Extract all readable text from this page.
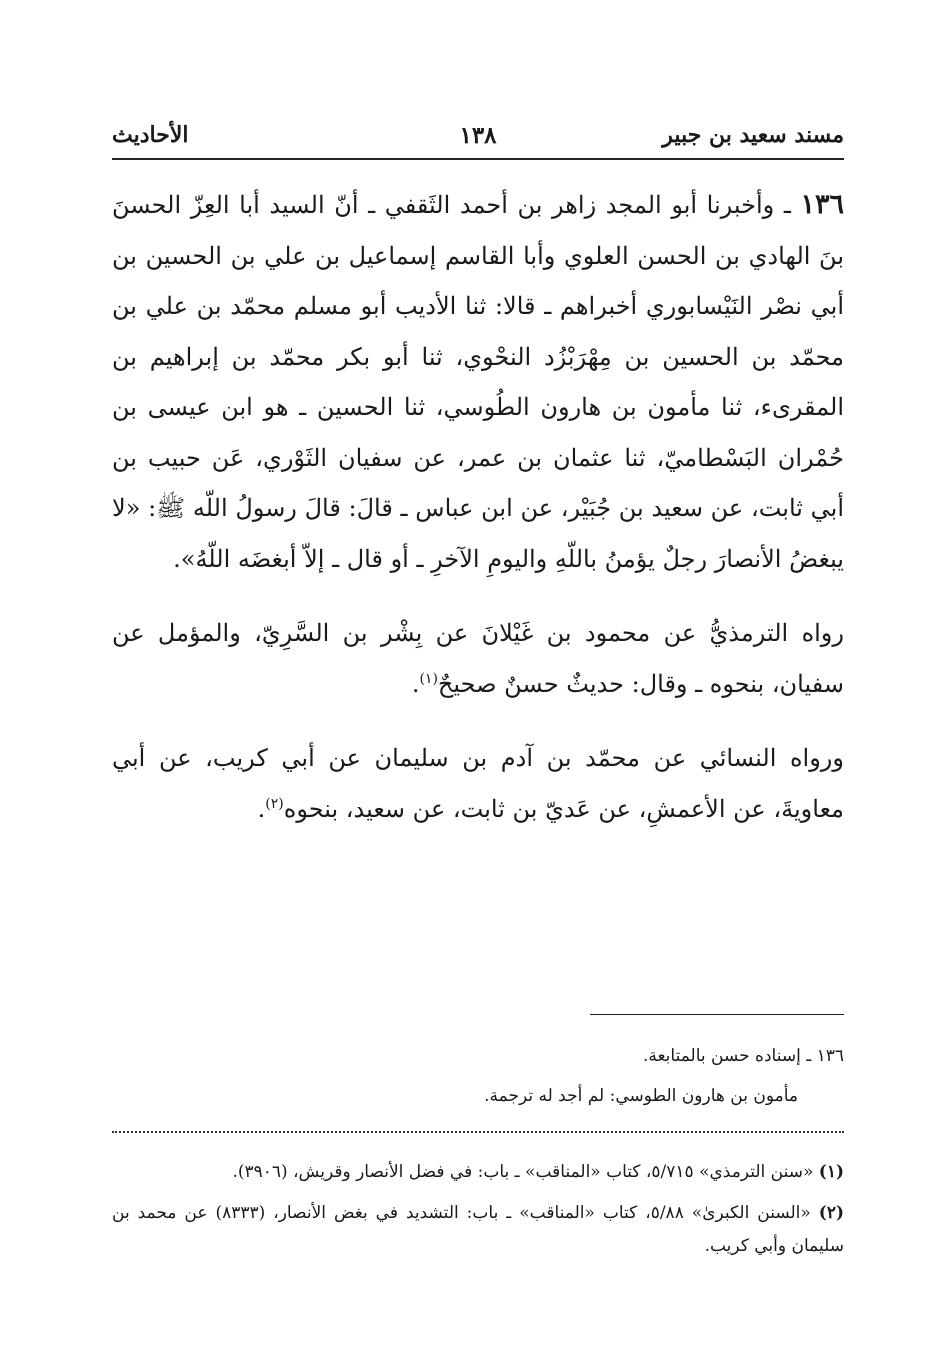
مسند سعيد بن جبير
١٣٨
الأحاديث

١٣٦ ـ وأخبرنا أبو المجد زاهر بن أحمد الثَقفي ـ أنّ السيد أبا العِزّ الحسنَ بنَ الهادي بن الحسن العلوي وأبا القاسم إسماعيل بن علي بن الحسين بن أبي نصْر النَيْسابوري أخبراهم ـ قالا: ثنا الأديب أبو مسلم محمّد بن علي بن محمّد بن الحسين بن مِهْرَبْزُد النحْوي، ثنا أبو بكر محمّد بن إبراهيم بن المقرىء، ثنا مأمون بن هارون الطُوسي، ثنا الحسين ـ هو ابن عيسى بن حُمْران البَسْطاميّ، ثنا عثمان بن عمر، عن سفيان الثَوْري، عَن حبيب بن أبي ثابت، عن سعيد بن جُبَيْر، عن ابن عباس ـ قالَ: قالَ رسولُ اللّه ﷺ: «لا يبغضُ الأنصارَ رجلٌ يؤمنُ باللّهِ واليومِ الآخرِ ـ أو قال ـ إلاّ أبغضَه اللّهُ».

رواه الترمذيُّ عن محمود بن غَيْلانَ عن بِشْر بن السَّرِيّ، والمؤمل عن سفيان، بنحوه ـ وقال: حديثٌ حسنٌ صحيحٌ$^{(١)}$.

ورواه النسائي عن محمّد بن آدم بن سليمان عن أبي كريب، عن أبي معاويةَ، عن الأعمشِ، عن عَديّ بن ثابت، عن سعيد، بنحوه$^{(٢)}$.

١٣٦ ـ إسناده حسن بالمتابعة.
مأمون بن هارون الطوسي: لم أجد له ترجمة.

(١) «سنن الترمذي» ٥/٧١٥، كتاب «المناقب» ـ باب: في فضل الأنصار وقريش، (٣٩٠٦).

(٢) «السنن الكبرىٰ» ٥/٨٨، كتاب «المناقب» ـ باب: التشديد في بغض الأنصار، (٨٣٣٣) عن محمد بن سليمان وأبي كريب.
